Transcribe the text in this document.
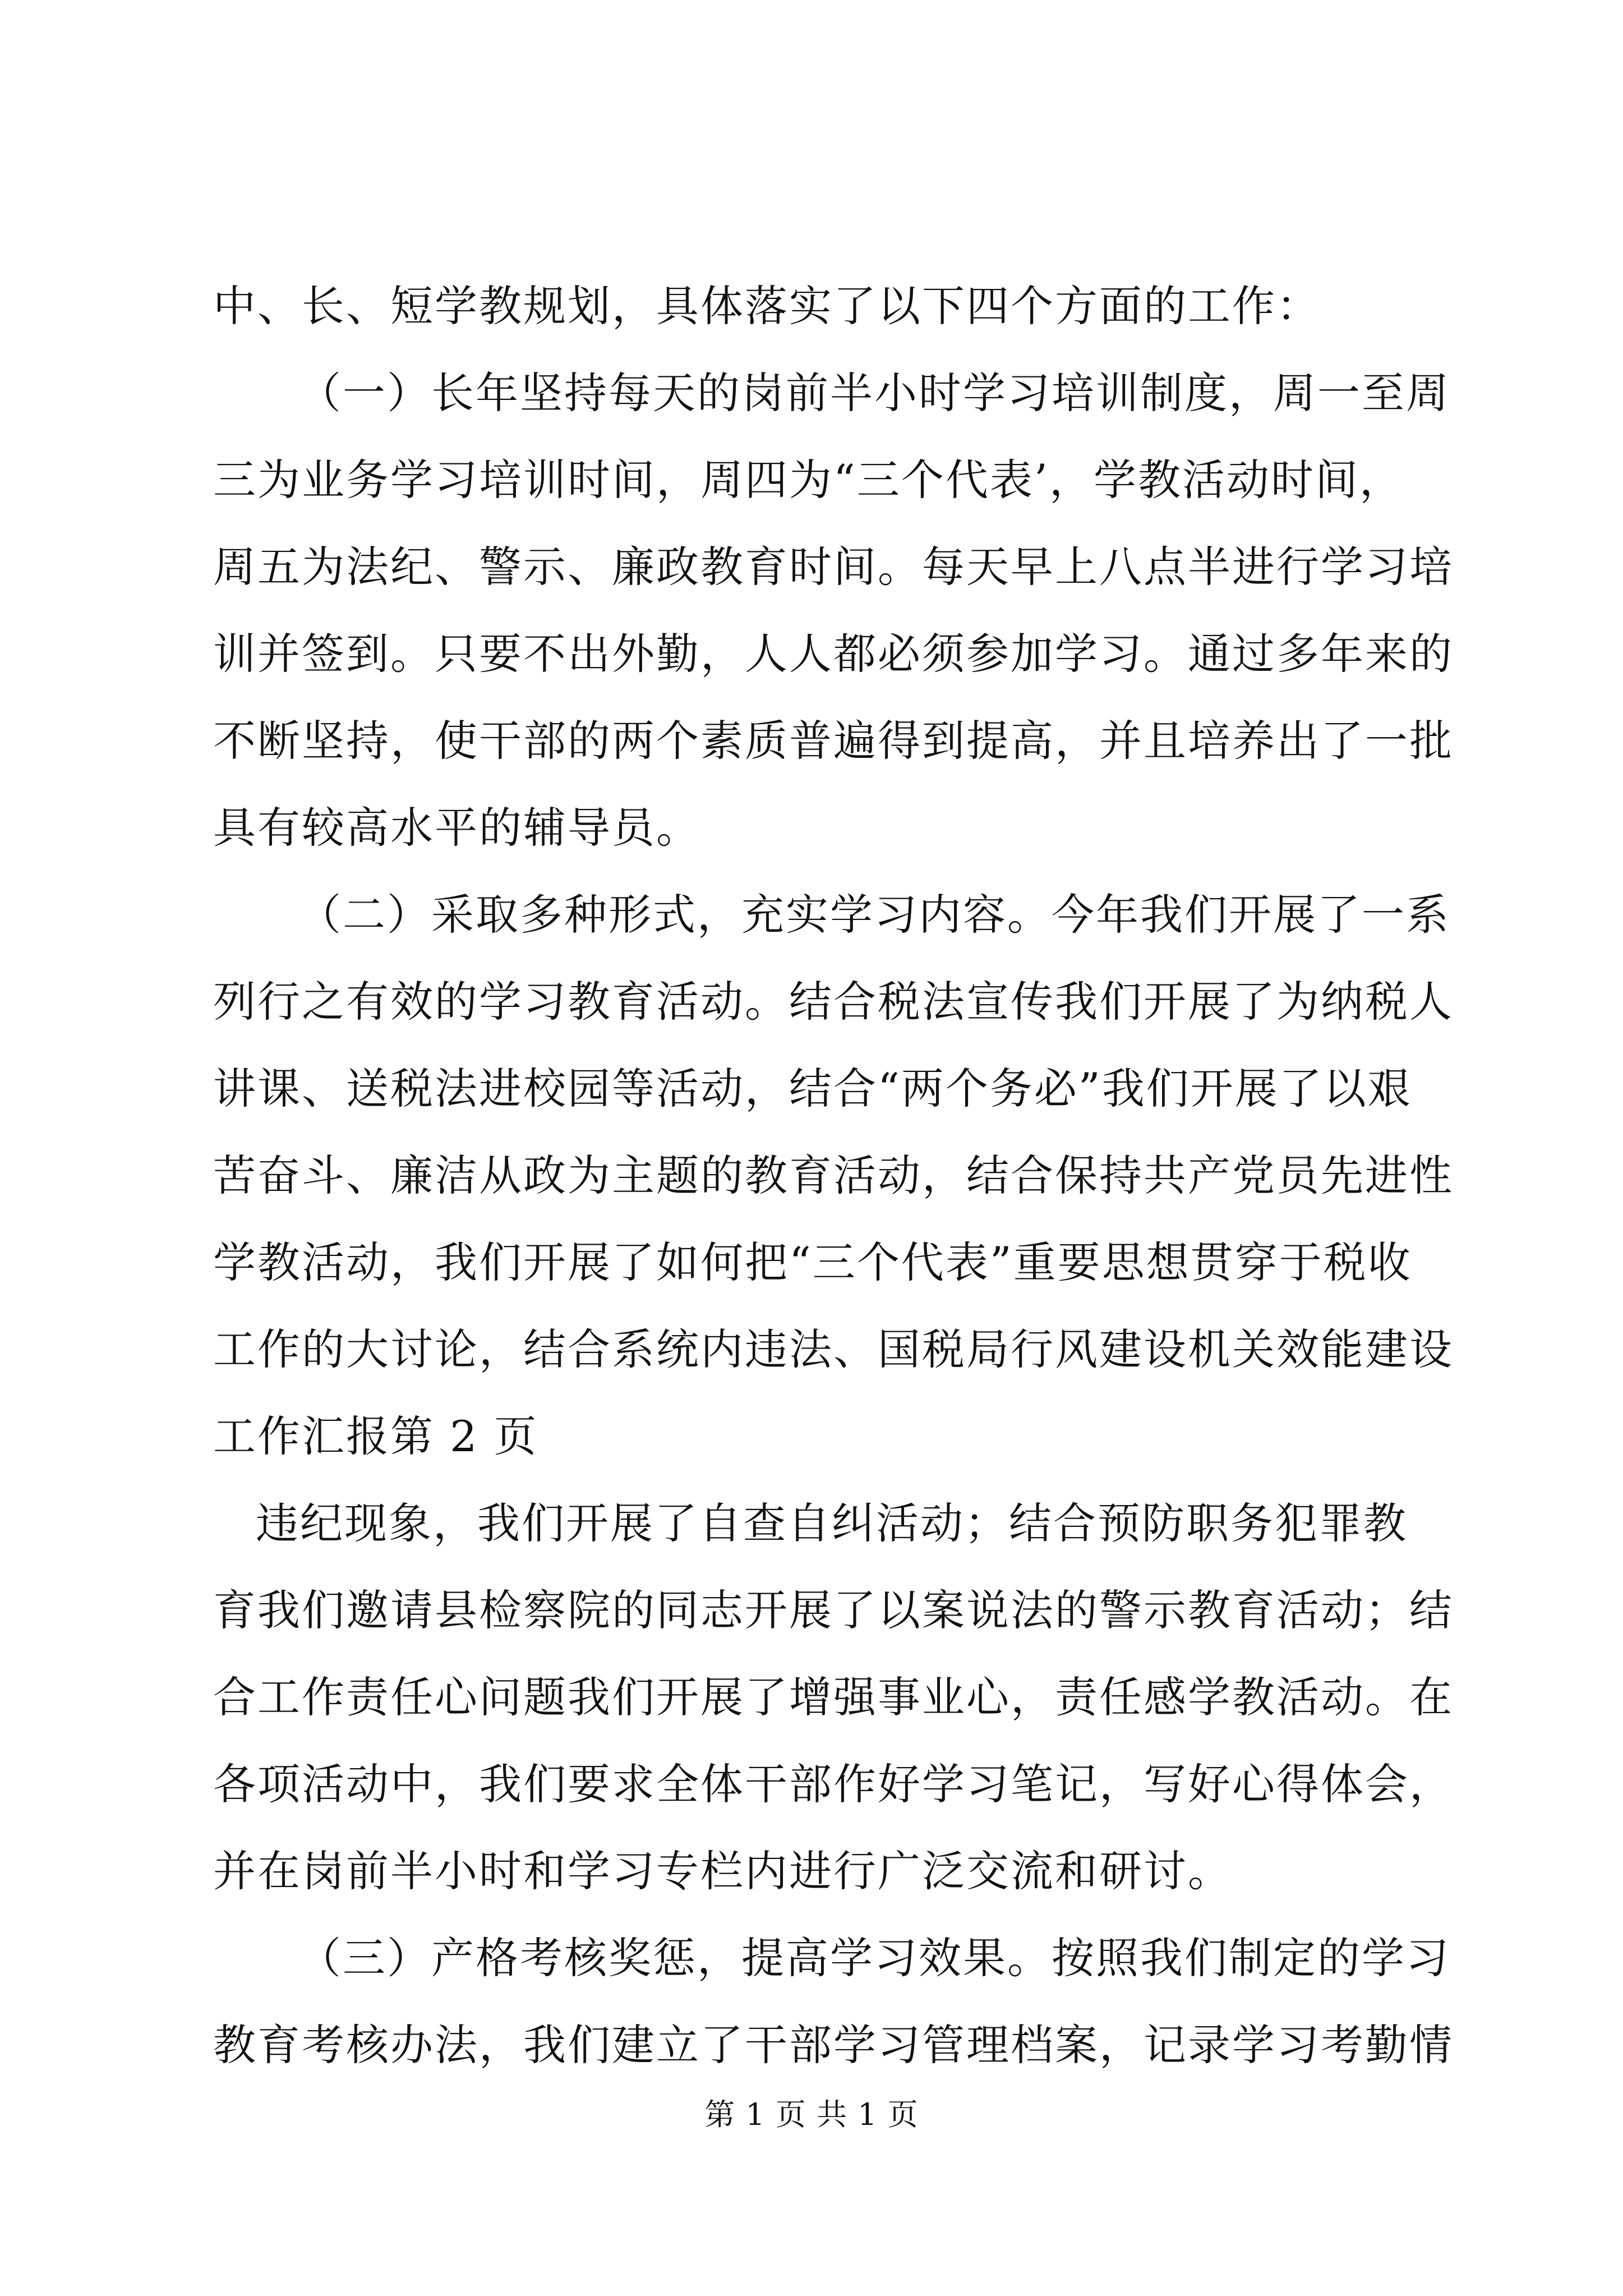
中、长、短学教规划，具体落实了以下四个方面的工作：
（一）长年坚持每天的岗前半小时学习培训制度，周一至周
三为业务学习培训时间，周四为“三个代表’，学教活动时间，
周五为法纪、警示、廉政教育时间。每天早上八点半进行学习培
训并签到。只要不出外勤，人人都必须参加学习。通过多年来的
不断坚持，使干部的两个素质普遍得到提高，并且培养出了一批
具有较高水平的辅导员。
（二）采取多种形式，充实学习内容。今年我们开展了一系
列行之有效的学习教育活动。结合税法宣传我们开展了为纳税人
讲课、送税法进校园等活动，结合“两个务必”我们开展了以艰
苦奋斗、廉洁从政为主题的教育活动，结合保持共产党员先进性
学教活动，我们开展了如何把“三个代表”重要思想贯穿于税收
工作的大讨论，结合系统内违法、国税局行风建设机关效能建设
工作汇报第 2 页
违纪现象，我们开展了自查自纠活动；结合预防职务犯罪教
育我们邀请县检察院的同志开展了以案说法的警示教育活动；结
合工作责任心问题我们开展了增强事业心，责任感学教活动。在
各项活动中，我们要求全体干部作好学习笔记，写好心得体会，
并在岗前半小时和学习专栏内进行广泛交流和研讨。
（三）产格考核奖惩，提高学习效果。按照我们制定的学习
教育考核办法，我们建立了干部学习管理档案，记录学习考勤情
第 1 页 共 1 页
